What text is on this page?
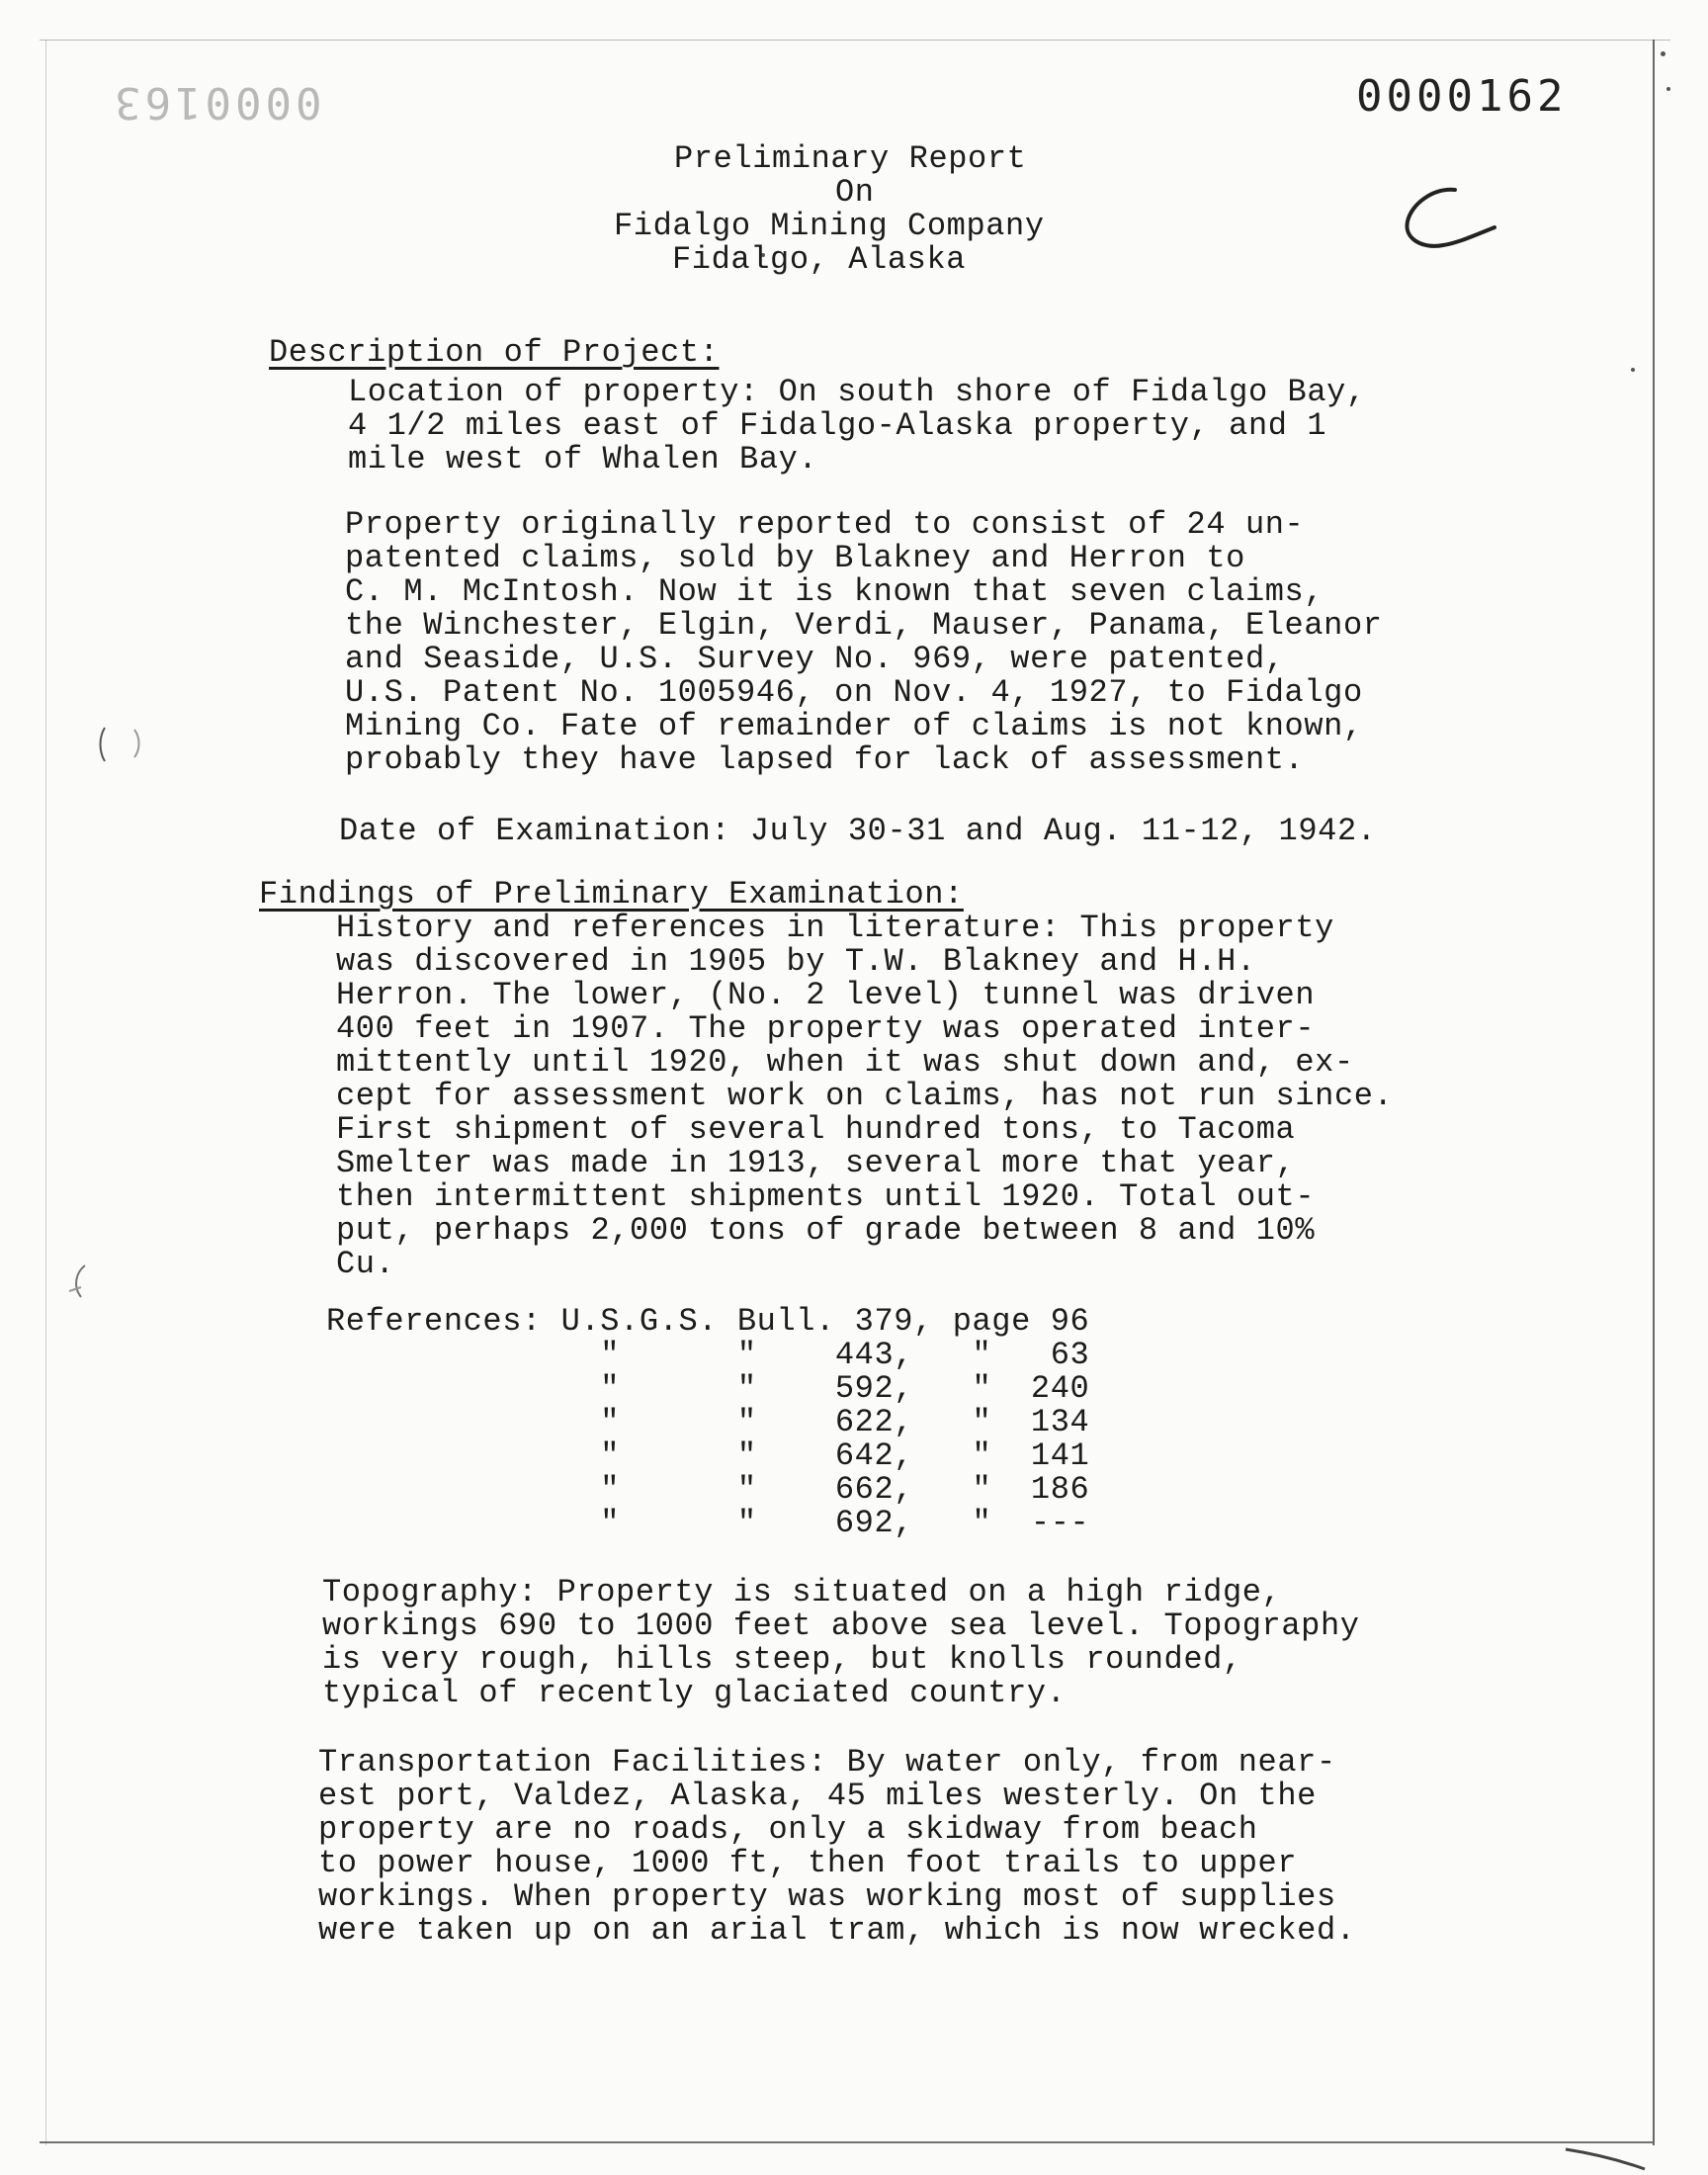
0000163	0000162
Preliminary Report
On
Fidalgo Mining Company
Fidalgo, Alaska
Description of Project:
Location of property: On south shore of Fidalgo Bay,
4 1/2 miles east of Fidalgo-Alaska property, and 1
mile west of Whalen Bay.
Property originally reported to consist of 24 un-
patented claims, sold by Blakney and Herron to
C. M. McIntosh. Now it is known that seven claims,
the Winchester, Elgin, Verdi, Mauser, Panama, Eleanor
and Seaside, U.S. Survey No. 969, were patented,
U.S. Patent No. 1005946, on Nov. 4, 1927, to Fidalgo
Mining Co. Fate of remainder of claims is not known,
probably they have lapsed for lack of assessment.
Date of Examination: July 30-31 and Aug. 11-12, 1942.
Findings of Preliminary Examination:
History and references in literature: This property
was discovered in 1905 by T.W. Blakney and H.H.
Herron. The lower, (No. 2 level) tunnel was driven
400 feet in 1907. The property was operated inter-
mittently until 1920, when it was shut down and, ex-
cept for assessment work on claims, has not run since.
First shipment of several hundred tons, to Tacoma
Smelter was made in 1913, several more that year,
then intermittent shipments until 1920. Total out-
put, perhaps 2,000 tons of grade between 8 and 10%
Cu.
References: U.S.G.S. Bull. 379, page 96
"      "    443,   "   63
"      "    592,   "  240
"      "    622,   "  134
"      "    642,   "  141
"      "    662,   "  186
"      "    692,   "  ---
Topography: Property is situated on a high ridge,
workings 690 to 1000 feet above sea level. Topography
is very rough, hills steep, but knolls rounded,
typical of recently glaciated country.
Transportation Facilities: By water only, from near-
est port, Valdez, Alaska, 45 miles westerly. On the
property are no roads, only a skidway from beach
to power house, 1000 ft, then foot trails to upper
workings. When property was working most of supplies
were taken up on an arial tram, which is now wrecked.
